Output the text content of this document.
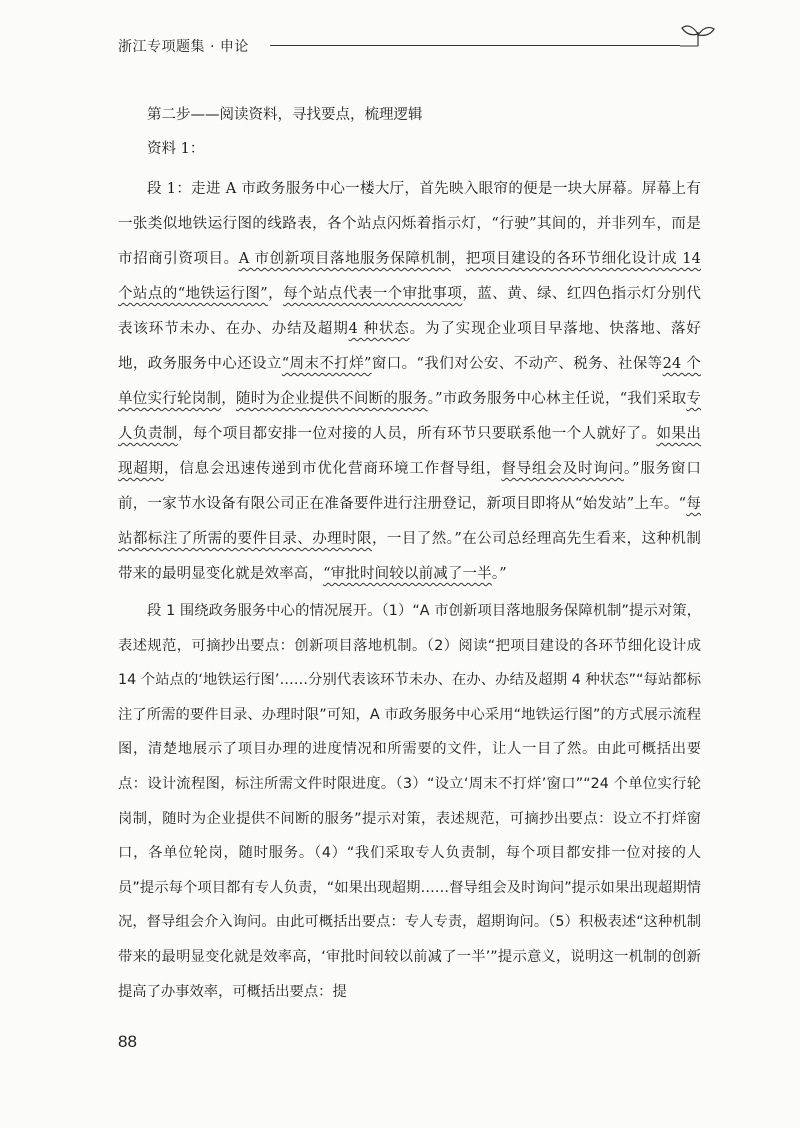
浙江专项题集 · 申论

第二步——阅读资料，寻找要点，梳理逻辑

资料 1：

段 1：走进 A 市政务服务中心一楼大厅，首先映入眼帘的便是一块大屏幕。屏幕上有一张类似地铁运行图的线路表，各个站点闪烁着指示灯，“行驶”其间的，并非列车，而是市招商引资项目。A 市创新项目落地服务保障机制，把项目建设的各环节细化设计成 14 个站点的“地铁运行图”，每个站点代表一个审批事项，蓝、黄、绿、红四色指示灯分别代表该环节未办、在办、办结及超期4 种状态。为了实现企业项目早落地、快落地、落好地，政务服务中心还设立“周末不打烊”窗口。“我们对公安、不动产、税务、社保等24 个单位实行轮岗制，随时为企业提供不间断的服务。”市政务服务中心林主任说，“我们采取专人负责制，每个项目都安排一位对接的人员，所有环节只要联系他一个人就好了。如果出现超期，信息会迅速传递到市优化营商环境工作督导组，督导组会及时询问。”服务窗口前，一家节水设备有限公司正在准备要件进行注册登记，新项目即将从“始发站”上车。“每站都标注了所需的要件目录、办理时限，一目了然。”在公司总经理高先生看来，这种机制带来的最明显变化就是效率高，“审批时间较以前减了一半。”

段 1 围绕政务服务中心的情况展开。（1）“A 市创新项目落地服务保障机制”提示对策，表述规范，可摘抄出要点：创新项目落地机制。（2）阅读“把项目建设的各环节细化设计成 14 个站点的‘地铁运行图’……分别代表该环节未办、在办、办结及超期 4 种状态”“每站都标注了所需的要件目录、办理时限”可知，A 市政务服务中心采用“地铁运行图”的方式展示流程图，清楚地展示了项目办理的进度情况和所需要的文件，让人一目了然。由此可概括出要点：设计流程图，标注所需文件时限进度。（3）“设立‘周末不打烊’窗口”“24 个单位实行轮岗制，随时为企业提供不间断的服务”提示对策，表述规范，可摘抄出要点：设立不打烊窗口，各单位轮岗，随时服务。（4）“我们采取专人负责制，每个项目都安排一位对接的人员”提示每个项目都有专人负责，“如果出现超期……督导组会及时询问”提示如果出现超期情况，督导组会介入询问。由此可概括出要点：专人专责，超期询问。（5）积极表述“这种机制带来的最明显变化就是效率高，‘审批时间较以前减了一半’”提示意义，说明这一机制的创新提高了办事效率，可概括出要点：提

88
